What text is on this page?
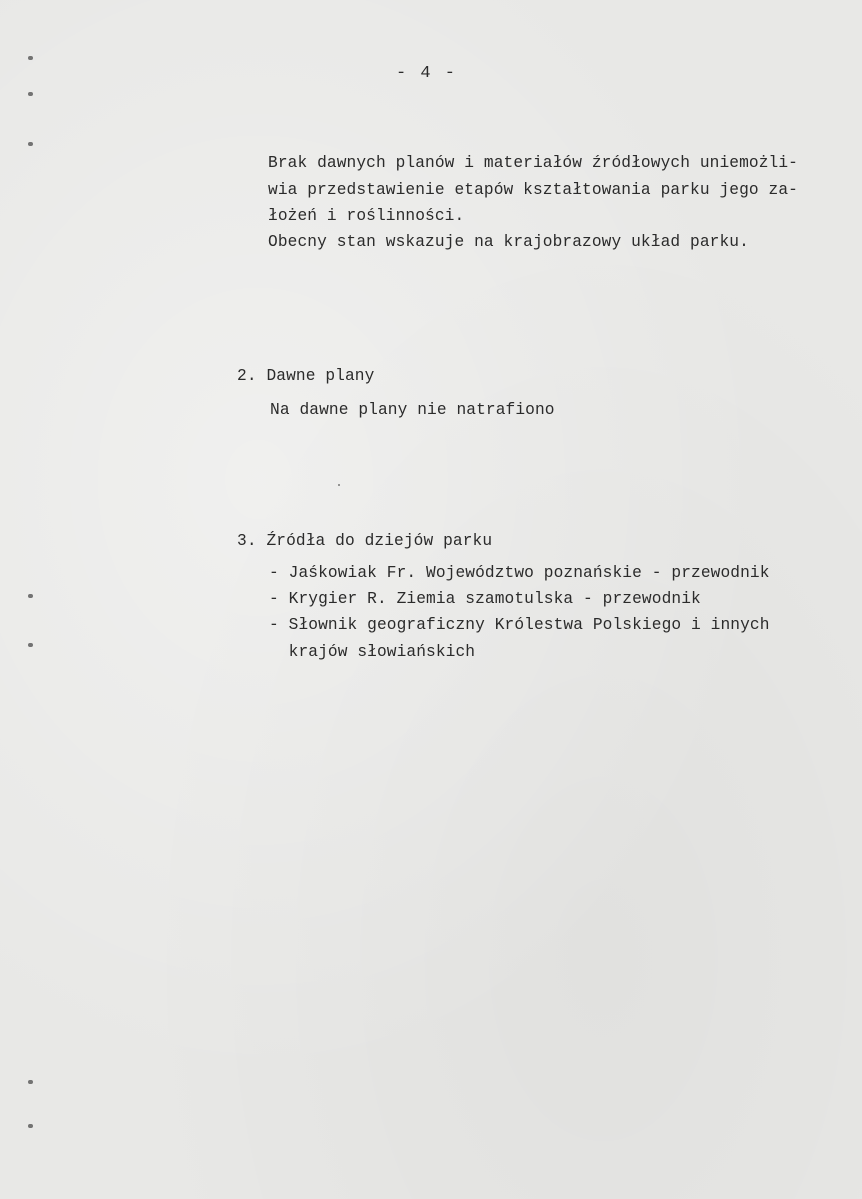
- 4 -
Brak dawnych planów i materiałów źródłowych uniemożli-
wia przedstawienie etapów kształtowania parku jego za-
łożeń i roślinności.
Obecny stan wskazuje na krajobrazowy układ parku.
2. Dawne plany
Na dawne plany nie natrafiono
3. Źródła do dziejów parku
- Jaśkowiak Fr. Województwo poznańskie - przewodnik
- Krygier R. Ziemia szamotulska - przewodnik
- Słownik geograficzny Królestwa Polskiego i innych
krajów słowiańskich
